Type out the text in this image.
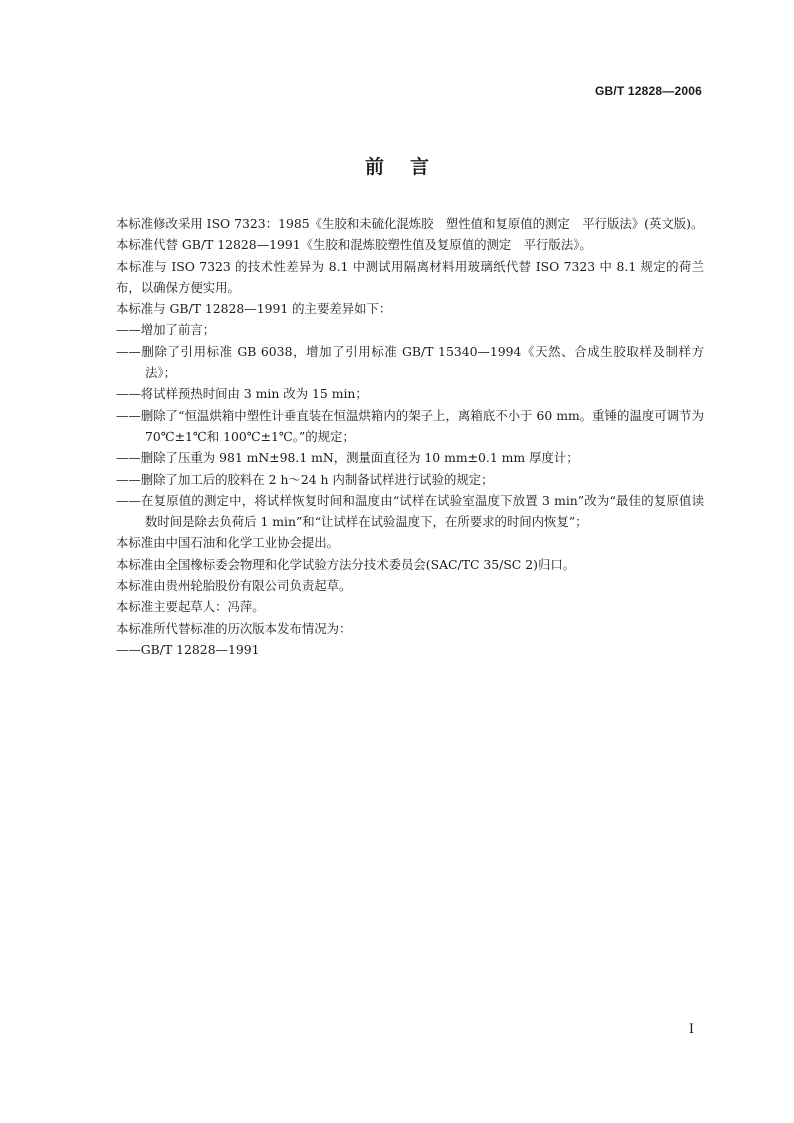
GB/T 12828—2006
前言

本标准修改采用 ISO 7323：1985《生胶和未硫化混炼胶　塑性值和复原值的测定　平行版法》(英文版)。

本标准代替 GB/T 12828—1991《生胶和混炼胶塑性值及复原值的测定　平行版法》。

本标准与 ISO 7323 的技术性差异为 8.1 中测试用隔离材料用玻璃纸代替 ISO 7323 中 8.1 规定的荷兰布，以确保方便实用。

本标准与 GB/T 12828—1991 的主要差异如下：

——增加了前言；
——删除了引用标准 GB 6038，增加了引用标准 GB/T 15340—1994《天然、合成生胶取样及制样方法》；
——将试样预热时间由 3 min 改为 15 min；
——删除了“恒温烘箱中塑性计垂直装在恒温烘箱内的架子上，离箱底不小于 60 mm。重锤的温度可调节为 70℃±1℃和 100℃±1℃。”的规定；
——删除了压重为 981 mN±98.1 mN，测量面直径为 10 mm±0.1 mm 厚度计；
——删除了加工后的胶料在 2 h～24 h 内制备试样进行试验的规定；
——在复原值的测定中，将试样恢复时间和温度由“试样在试验室温度下放置 3 min”改为“最佳的复原值读数时间是除去负荷后 1 min”和“让试样在试验温度下，在所要求的时间内恢复”；

本标准由中国石油和化学工业协会提出。

本标准由全国橡标委会物理和化学试验方法分技术委员会(SAC/TC 35/SC 2)归口。

本标准由贵州轮胎股份有限公司负责起草。

本标准主要起草人：冯萍。

本标准所代替标准的历次版本发布情况为：

——GB/T 12828—1991
I
